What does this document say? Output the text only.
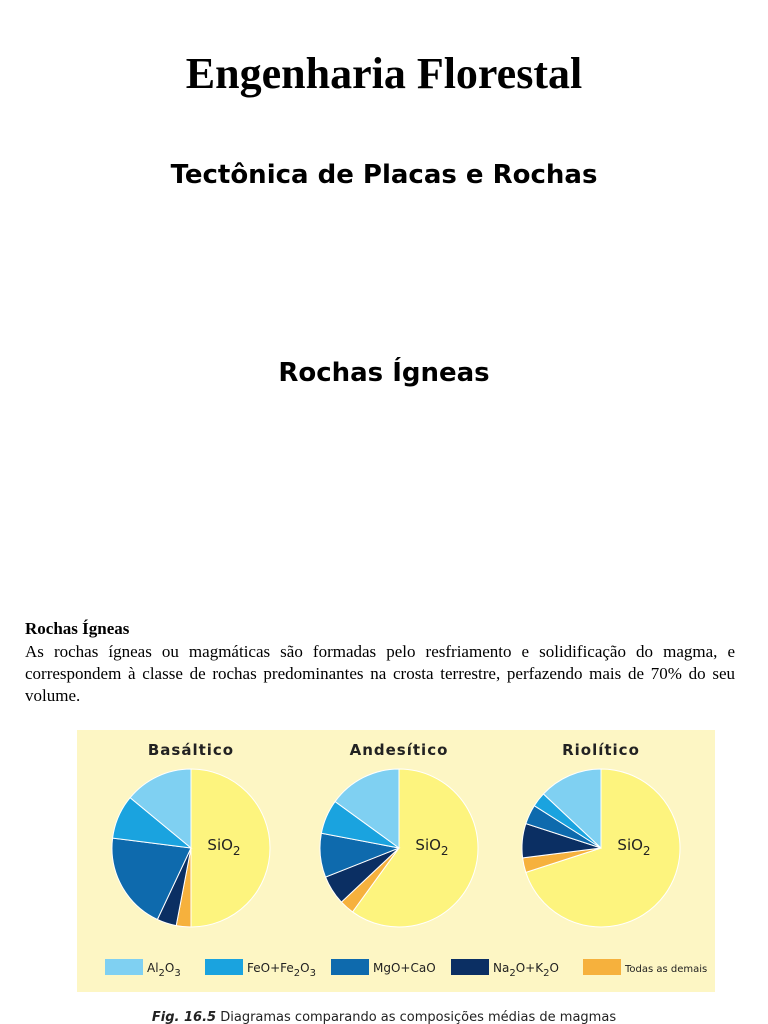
Engenharia Florestal
Tectônica de Placas e Rochas
Rochas Ígneas
Rochas Ígneas
As rochas ígneas ou magmáticas são formadas pelo resfriamento e solidificação do magma, e correspondem à classe de rochas predominantes na crosta terrestre, perfazendo mais de 70% do seu volume.
Basáltico
SiO$_2$
Andesítico
SiO$_2$
Riolítico
SiO$_2$
$Al_2O_3$	$FeO+Fe_2O_3$	MgO+CaO	$Na_2O+K_2O$	Todas as demais
Fig. 16.5 Diagramas comparando as composições médias de magmas
